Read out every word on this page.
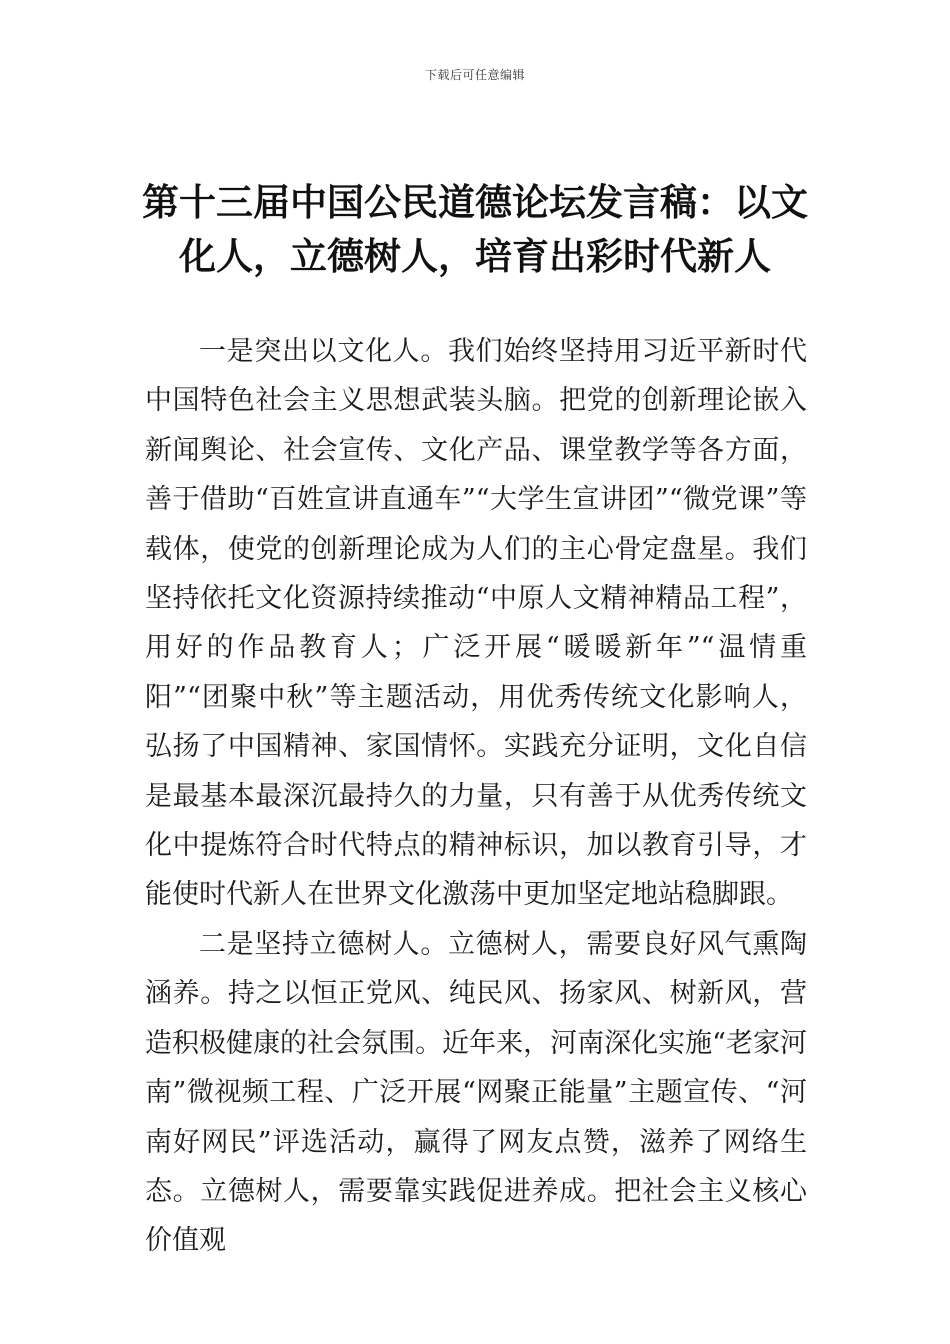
下载后可任意编辑
第十三届中国公民道德论坛发言稿：以文化人，立德树人，培育出彩时代新人

一是突出以文化人。我们始终坚持用习近平新时代中国特色社会主义思想武装头脑。把党的创新理论嵌入新闻舆论、社会宣传、文化产品、课堂教学等各方面，善于借助“百姓宣讲直通车”“大学生宣讲团”“微党课”等载体，使党的创新理论成为人们的主心骨定盘星。我们坚持依托文化资源持续推动“中原人文精神精品工程”，用好的作品教育人；广泛开展“暖暖新年”“温情重阳”“团聚中秋”等主题活动，用优秀传统文化影响人，弘扬了中国精神、家国情怀。实践充分证明，文化自信是最基本最深沉最持久的力量，只有善于从优秀传统文化中提炼符合时代特点的精神标识，加以教育引导，才能使时代新人在世界文化激荡中更加坚定地站稳脚跟。

二是坚持立德树人。立德树人，需要良好风气熏陶涵养。持之以恒正党风、纯民风、扬家风、树新风，营造积极健康的社会氛围。近年来，河南深化实施“老家河南”微视频工程、广泛开展“网聚正能量”主题宣传、“河南好网民”评选活动，赢得了网友点赞，滋养了网络生态。立德树人，需要靠实践促进养成。把社会主义核心价值观
